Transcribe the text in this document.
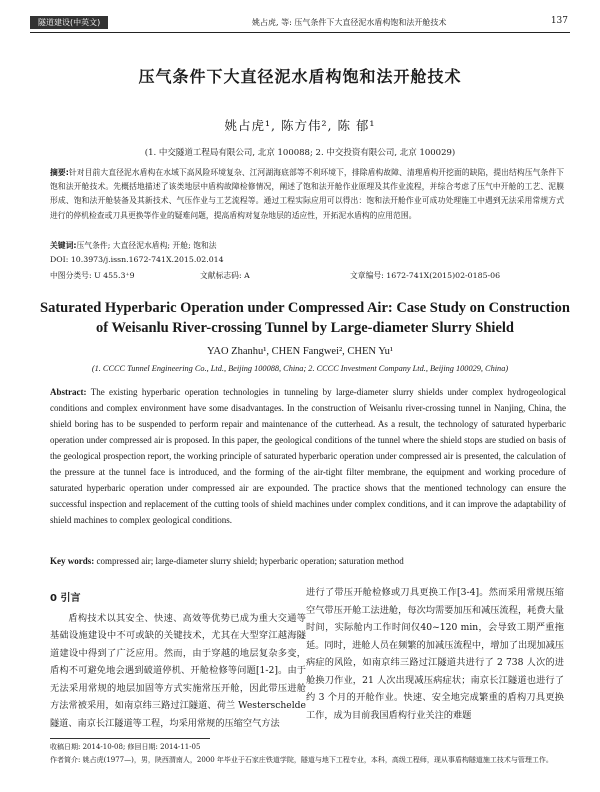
隧道建设(中英文)	姚占虎, 等: 压气条件下大直径泥水盾构饱和法开舱技术	137
压气条件下大直径泥水盾构饱和法开舱技术
姚占虎¹, 陈方伟², 陈 郁¹
(1. 中交隧道工程局有限公司, 北京 100088; 2. 中交投资有限公司, 北京 100029)
摘要:针对目前大直径泥水盾构在水域下高风险环境复杂、江河湖海底部等不利环境下，排除盾构故障、清理盾构开挖面的缺陷，提出结构压气条件下饱和法开舱技术。先概括地描述了该类地层中盾构故障检修情况，阐述了饱和法开舱作业原理及其作业流程，并综合考虑了压气中开舱的工艺、泥膜形成、饱和法开舱装备及其新技术、气压作业与工艺流程等。通过工程实际应用可以得出：饱和法开舱作业可成功处理施工中遇到无法采用常规方式进行的停机检查或刀具更换等作业的疑难问题，提高盾构对复杂地层的适应性，开拓泥水盾构的应用范围。
关键词:压气条件; 大直径泥水盾构; 开舱; 饱和法
DOI: 10.3973/j.issn.1672-741X.2015.02.014
中图分类号: U 455.3⁺9	文献标志码: A	文章编号: 1672-741X(2015)02-0185-06
Saturated Hyperbaric Operation under Compressed Air: Case Study on Construction of Weisanlu River-crossing Tunnel by Large-diameter Slurry Shield
YAO Zhanhu¹, CHEN Fangwei², CHEN Yu¹
(1. CCCC Tunnel Engineering Co., Ltd., Beijing 100088, China; 2. CCCC Investment Company Ltd., Beijing 100029, China)
Abstract: The existing hyperbaric operation technologies in tunneling by large-diameter slurry shields under complex hydrogeological conditions and complex environment have some disadvantages. In the construction of Weisanlu river-crossing tunnel in Nanjing, China, the shield boring has to be suspended to perform repair and maintenance of the cutterhead. As a result, the technology of saturated hyperbaric operation under compressed air is proposed. In this paper, the geological conditions of the tunnel where the shield stops are studied on basis of the geological prospection report, the working principle of saturated hyperbaric operation under compressed air is presented, the calculation of the pressure at the tunnel face is introduced, and the forming of the air-tight filter membrane, the equipment and working procedure of saturated hyperbaric operation under compressed air are expounded. The practice shows that the mentioned technology can ensure the successful inspection and replacement of the cutting tools of shield machines under complex conditions, and it can improve the adaptability of shield machines to complex geological conditions.
Key words: compressed air; large-diameter slurry shield; hyperbaric operation; saturation method
0 引言
盾构技术以其安全、快速、高效等优势已成为重大交通等基础设施建设中不可或缺的关键技术，尤其在大型穿江越海隧道建设中得到了广泛应用。然而，由于穿越的地层复杂多变，盾构不可避免地会遇到破道停机、开舱检修等问题[1-2]。由于无法采用常规的地层加固等方式实施常压开舱，因此带压进舱方法常被采用，如南京纬三路过江隧道、荷兰 Westerschelde 隧道、南京长江隧道等工程，均采用常规的压缩空气方法
进行了带压开舱检修或刀具更换工作[3-4]。然而采用常规压缩空气带压开舱工法进舱，每次均需要加压和减压流程，耗费大量时间，实际舱内工作时间仅40~120 min，会导致工期严重拖延。同时，进舱人员在频繁的加减压流程中，增加了出现加减压病症的风险，如南京纬三路过江隧道共进行了 2 738 人次的进舱换刀作业，21 人次出现减压病症状；南京长江隧道也进行了约 3 个月的开舱作业。快速、安全地完成繁重的盾构刀具更换工作，成为目前我国盾构行业关注的难题
收稿日期: 2014-10-08; 修回日期: 2014-11-05
作者简介: 姚占虎(1977—)，男，陕西渭南人，2000 年毕业于石家庄铁道学院，隧道与地下工程专业，本科，高级工程师，现从事盾构隧道施工技术与管理工作。
